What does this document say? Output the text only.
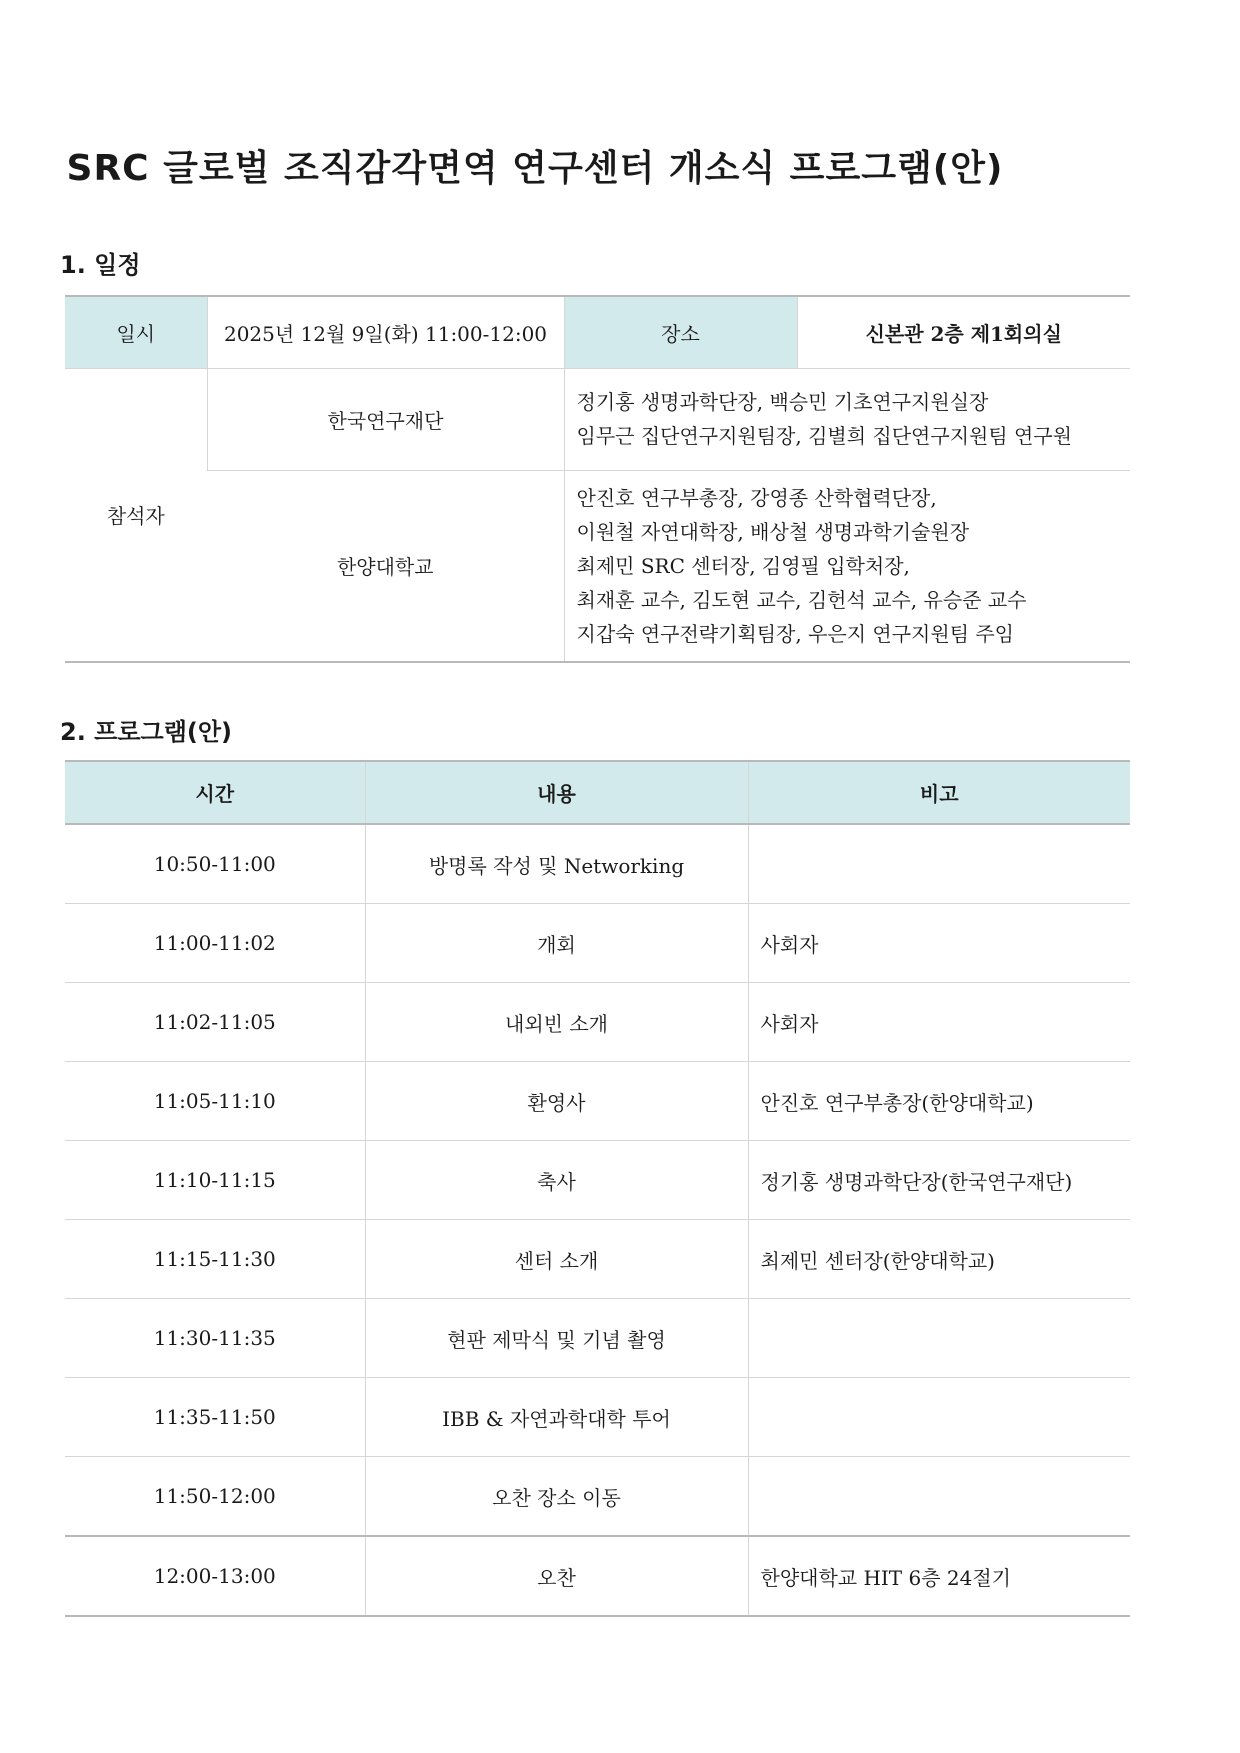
SRC 글로벌 조직감각면역 연구센터 개소식 프로그램(안)
1. 일정
일시	2025년 12월 9일(화) 11:00-12:00	장소	신본관 2층 제1회의실
참석자	한국연구재단	정기홍 생명과학단장, 백승민 기초연구지원실장
임무근 집단연구지원팀장, 김별희 집단연구지원팀 연구원	

	한양대학교	안진호 연구부총장, 강영종 산학협력단장,
이원철 자연대학장, 배상철 생명과학기술원장
최제민 SRC 센터장, 김영필 입학처장,
최재훈 교수, 김도현 교수, 김헌석 교수, 유승준 교수
지갑숙 연구전략기획팀장, 우은지 연구지원팀 주임	
2. 프로그램(안)
시간	내용	비고
10:50-11:00	방명록 작성 및 Networking	
11:00-11:02	개회	사회자
11:02-11:05	내외빈 소개	사회자
11:05-11:10	환영사	안진호 연구부총장(한양대학교)
11:10-11:15	축사	정기홍 생명과학단장(한국연구재단)
11:15-11:30	센터 소개	최제민 센터장(한양대학교)
11:30-11:35	현판 제막식 및 기념 촬영	
11:35-11:50	IBB & 자연과학대학 투어	
11:50-12:00	오찬 장소 이동	
12:00-13:00	오찬	한양대학교 HIT 6층 24절기
